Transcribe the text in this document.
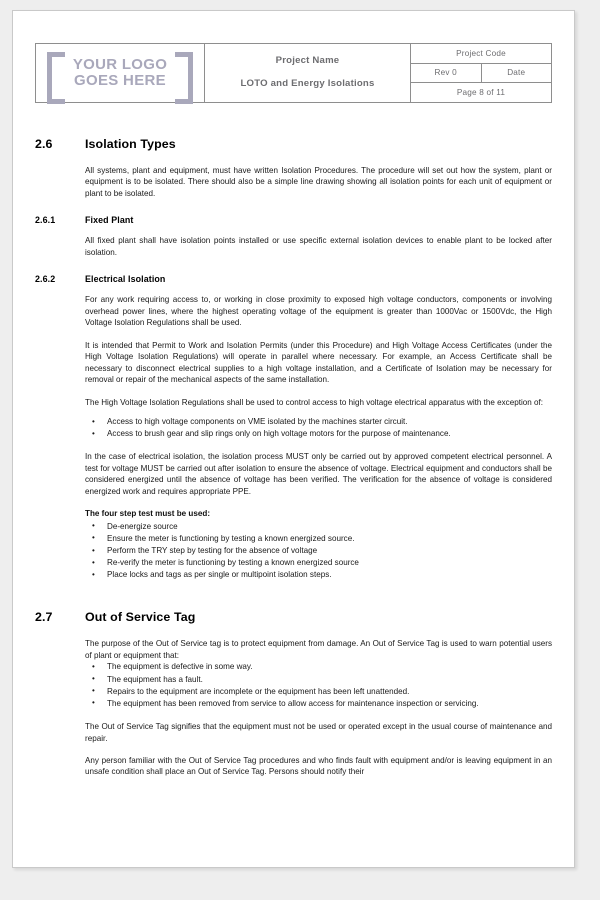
YOUR LOGO
GOES HERE

Project Name
LOTO and Energy Isolations

Project Code
Rev 0	Date
Page 8 of 11
2.6	Isolation Types

All systems, plant and equipment, must have written Isolation Procedures. The procedure will set out how the system, plant or equipment is to be isolated. There should also be a simple line drawing showing all isolation points for each unit of equipment or plant to be isolated.

2.6.1	Fixed Plant

All fixed plant shall have isolation points installed or use specific external isolation devices to enable plant to be locked after isolation.

2.6.2	Electrical Isolation

For any work requiring access to, or working in close proximity to exposed high voltage conductors, components or involving overhead power lines, where the highest operating voltage of the equipment is greater than 1000Vac or 1500Vdc, the High Voltage Isolation Regulations shall be used.

It is intended that Permit to Work and Isolation Permits (under this Procedure) and High Voltage Access Certificates (under the High Voltage Isolation Regulations) will operate in parallel where necessary. For example, an Access Certificate shall be necessary to disconnect electrical supplies to a high voltage installation, and a Certificate of Isolation may be necessary for removal or repair of the mechanical aspects of the same installation.

The High Voltage Isolation Regulations shall be used to control access to high voltage electrical apparatus with the exception of:

• Access to high voltage components on VME isolated by the machines starter circuit.
• Access to brush gear and slip rings only on high voltage motors for the purpose of maintenance.

In the case of electrical isolation, the isolation process MUST only be carried out by approved competent electrical personnel. A test for voltage MUST be carried out after isolation to ensure the absence of voltage. Electrical equipment and conductors shall be considered energized until the absence of voltage has been verified. The verification for the absence of voltage is considered energized work and requires appropriate PPE.

The four step test must be used:

• De-energize source
• Ensure the meter is functioning by testing a known energized source.
• Perform the TRY step by testing for the absence of voltage
• Re-verify the meter is functioning by testing a known energized source
• Place locks and tags as per single or multipoint isolation steps.
2.7	Out of Service Tag

The purpose of the Out of Service tag is to protect equipment from damage. An Out of Service Tag is used to warn potential users of plant or equipment that:

• The equipment is defective in some way.
• The equipment has a fault.
• Repairs to the equipment are incomplete or the equipment has been left unattended.
• The equipment has been removed from service to allow access for maintenance inspection or servicing.

The Out of Service Tag signifies that the equipment must not be used or operated except in the usual course of maintenance and repair.

Any person familiar with the Out of Service Tag procedures and who finds fault with equipment and/or is leaving equipment in an unsafe condition shall place an Out of Service Tag. Persons should notify their
